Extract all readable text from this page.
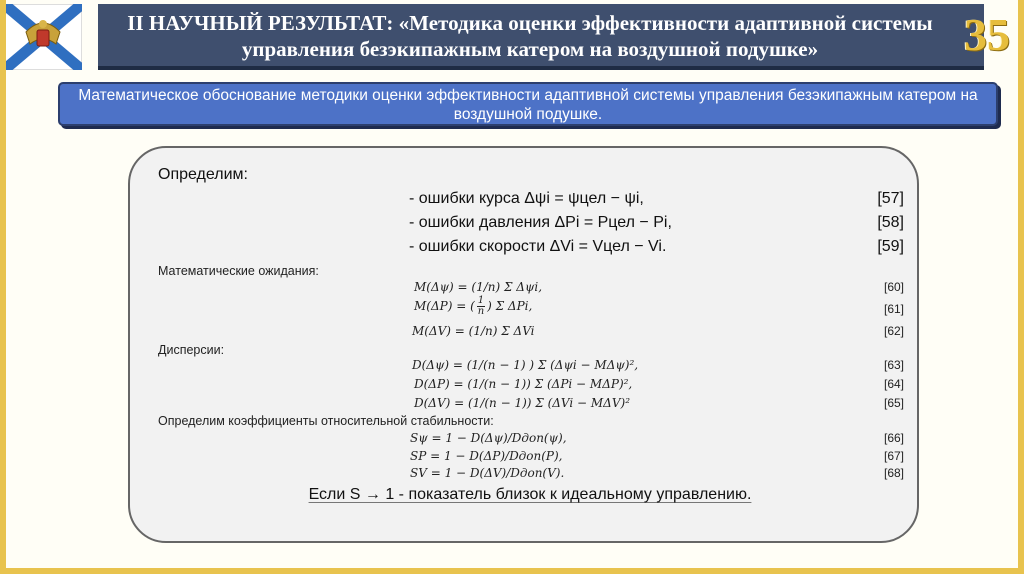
II НАУЧНЫЙ РЕЗУЛЬТАТ: «Методика оценки эффективности адаптивной системы управления безэкипажным катером на воздушной подушке»	35
Математическое обоснование методики оценки эффективности адаптивной системы управления безэкипажным катером на воздушной подушке.
Определим:
- ошибки курса Δψi = ψцел − ψi,	[57]
- ошибки давления ΔPi = Pцел − Pi,	[58]
- ошибки скорости ΔVi = Vцел − Vi.	[59]
Математические ожидания:
M(Δψ) = (1/n) Σ Δψi,	[60]
M(ΔP) = ( $\frac{1}{n}$ ) Σ ΔPi,	[61]
M(ΔV) = (1/n) Σ ΔVi	[62]
Дисперсии:
D(Δψ) = (1/(n − 1) ) Σ (Δψi − MΔψ)²,	[63]
D(ΔP) = (1/(n − 1)) Σ (ΔPi − MΔP)²,	[64]
D(ΔV) = (1/(n − 1)) Σ (ΔVi − MΔV)²	[65]
Определим коэффициенты относительной стабильности:
Sψ = 1 − D(Δψ)/Dдоп(ψ),	[66]
SP = 1 − D(ΔP)/Dдоп(P),	[67]
SV = 1 − D(ΔV)/Dдоп(V).	[68]
Если S → 1 - показатель близок к идеальному управлению.
